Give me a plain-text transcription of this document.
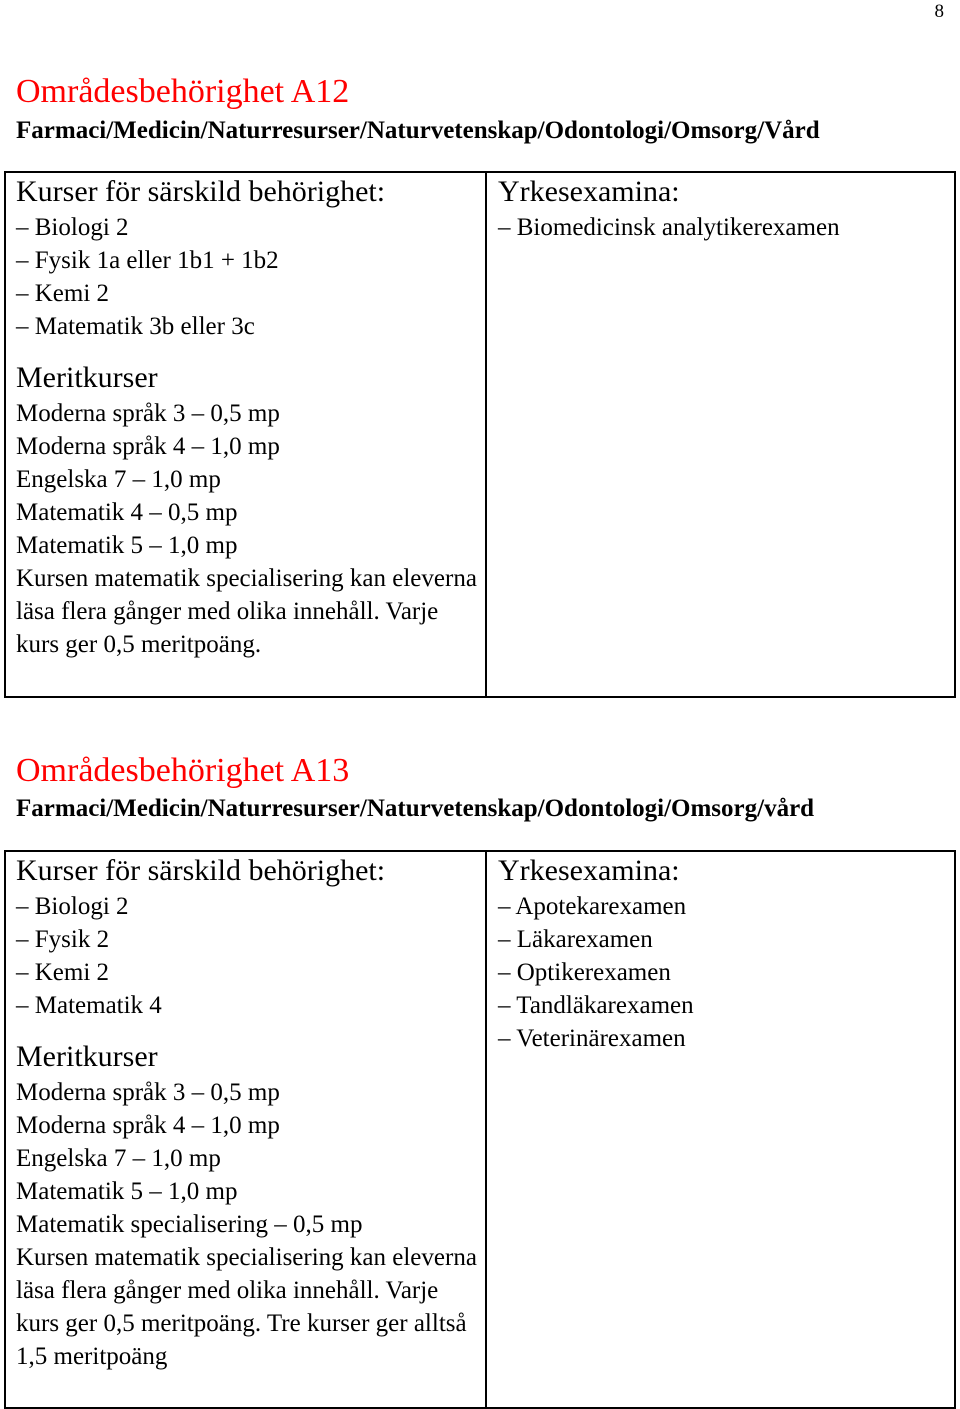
8
Områdesbehörighet A12
Farmaci/Medicin/Naturresurser/Naturvetenskap/Odontologi/Omsorg/Vård
Kurser för särskild behörighet:
– Biologi 2
– Fysik 1a eller 1b1 + 1b2
– Kemi 2
– Matematik 3b eller 3c
Meritkurser
Moderna språk 3 – 0,5 mp
Moderna språk 4 – 1,0 mp
Engelska 7 – 1,0 mp
Matematik 4 – 0,5 mp
Matematik 5 – 1,0 mp
Kursen matematik specialisering kan eleverna läsa flera gånger med olika innehåll. Varje kurs ger 0,5 meritpoäng.
Yrkesexamina:
– Biomedicinsk analytikerexamen
Områdesbehörighet A13
Farmaci/Medicin/Naturresurser/Naturvetenskap/Odontologi/Omsorg/vård
Kurser för särskild behörighet:
– Biologi 2
– Fysik 2
– Kemi 2
– Matematik 4
Meritkurser
Moderna språk 3 – 0,5 mp
Moderna språk 4 – 1,0 mp
Engelska 7 – 1,0 mp
Matematik 5 – 1,0 mp
Matematik specialisering – 0,5 mp
Kursen matematik specialisering kan eleverna läsa flera gånger med olika innehåll. Varje kurs ger 0,5 meritpoäng. Tre kurser ger alltså 1,5 meritpoäng
Yrkesexamina:
– Apotekarexamen
– Läkarexamen
– Optikerexamen
– Tandläkarexamen
– Veterinärexamen
